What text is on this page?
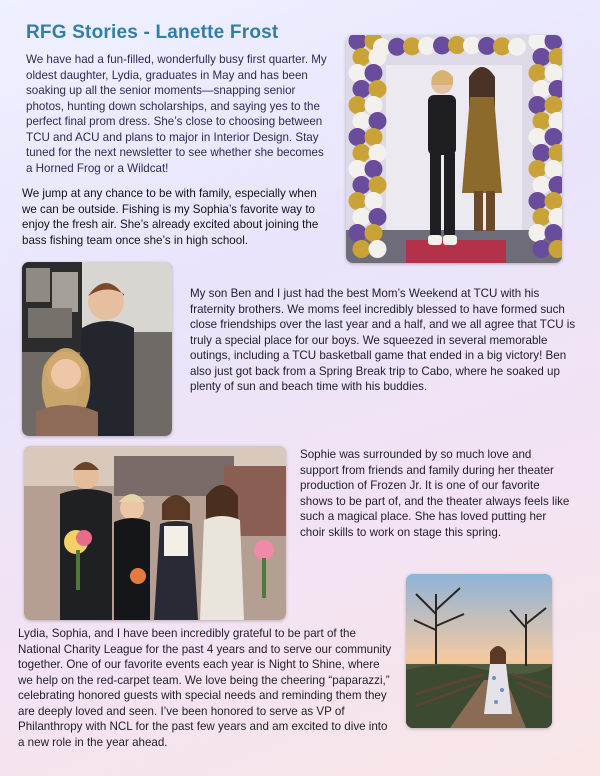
RFG Stories - Lanette Frost

We have had a fun-filled, wonderfully busy first quarter. My oldest daughter, Lydia, graduates in May and has been soaking up all the senior moments—snapping senior photos, hunting down scholarships, and saying yes to the perfect final prom dress. She’s close to choosing between TCU and ACU and plans to major in Interior Design. Stay tuned for the next newsletter to see whether she becomes a Horned Frog or a Wildcat!

We jump at any chance to be with family, especially when we can be outside. Fishing is my Sophia’s favorite way to enjoy the fresh air. She’s already excited about joining the bass fishing team once she’s in high school.

My son Ben and I just had the best Mom’s Weekend at TCU with his fraternity brothers. We moms feel incredibly blessed to have formed such close friendships over the last year and a half, and we all agree that TCU is truly a special place for our boys. We squeezed in several memorable outings, including a TCU basketball game that ended in a big victory! Ben also just got back from a Spring Break trip to Cabo, where he soaked up plenty of sun and beach time with his buddies.

Sophie was surrounded by so much love and support from friends and family during her theater production of Frozen Jr. It is one of our favorite shows to be part of, and the theater always feels like such a magical place. She has loved putting her choir skills to work on stage this spring.

Lydia, Sophia, and I have been incredibly grateful to be part of the National Charity League for the past 4 years and to serve our community together. One of our favorite events each year is Night to Shine, where we help on the red-carpet team. We love being the cheering “paparazzi,” celebrating honored guests with special needs and reminding them they are deeply loved and seen. I’ve been honored to serve as VP of Philanthropy with NCL for the past few years and am excited to dive into a new role in the year ahead.
